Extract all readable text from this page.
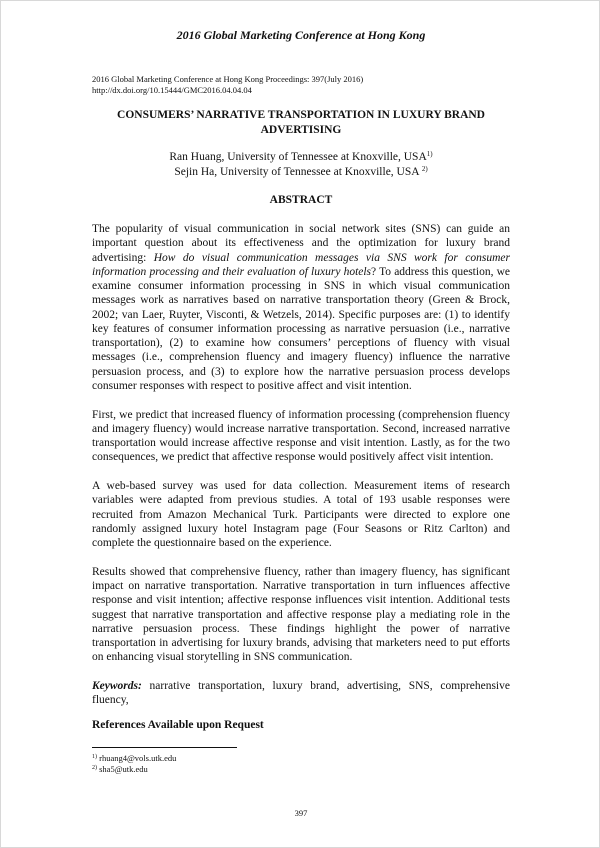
2016 Global Marketing Conference at Hong Kong
2016 Global Marketing Conference at Hong Kong Proceedings: 397(July 2016)
http://dx.doi.org/10.15444/GMC2016.04.04.04
CONSUMERS’ NARRATIVE TRANSPORTATION IN LUXURY BRAND ADVERTISING
Ran Huang, University of Tennessee at Knoxville, USA$^{1)}$
Sejin Ha, University of Tennessee at Knoxville, USA $^{2)}$
ABSTRACT

The popularity of visual communication in social network sites (SNS) can guide an important question about its effectiveness and the optimization for luxury brand advertising: How do visual communication messages via SNS work for consumer information processing and their evaluation of luxury hotels? To address this question, we examine consumer information processing in SNS in which visual communication messages work as narratives based on narrative transportation theory (Green & Brock, 2002; van Laer, Ruyter, Visconti, & Wetzels, 2014). Specific purposes are: (1) to identify key features of consumer information processing as narrative persuasion (i.e., narrative transportation), (2) to examine how consumers’ perceptions of fluency with visual messages (i.e., comprehension fluency and imagery fluency) influence the narrative persuasion process, and (3) to explore how the narrative persuasion process develops consumer responses with respect to positive affect and visit intention.

First, we predict that increased fluency of information processing (comprehension fluency and imagery fluency) would increase narrative transportation. Second, increased narrative transportation would increase affective response and visit intention. Lastly, as for the two consequences, we predict that affective response would positively affect visit intention.

A web-based survey was used for data collection. Measurement items of research variables were adapted from previous studies. A total of 193 usable responses were recruited from Amazon Mechanical Turk. Participants were directed to explore one randomly assigned luxury hotel Instagram page (Four Seasons or Ritz Carlton) and complete the questionnaire based on the experience.

Results showed that comprehensive fluency, rather than imagery fluency, has significant impact on narrative transportation. Narrative transportation in turn influences affective response and visit intention; affective response influences visit intention. Additional tests suggest that narrative transportation and affective response play a mediating role in the narrative persuasion process. These findings highlight the power of narrative transportation in advertising for luxury brands, advising that marketers need to put efforts on enhancing visual storytelling in SNS communication.

Keywords: narrative transportation, luxury brand, advertising, SNS, comprehensive fluency,

References Available upon Request
$^{1)}$ rhuang4@vols.utk.edu
$^{2)}$ sha5@utk.edu
397
